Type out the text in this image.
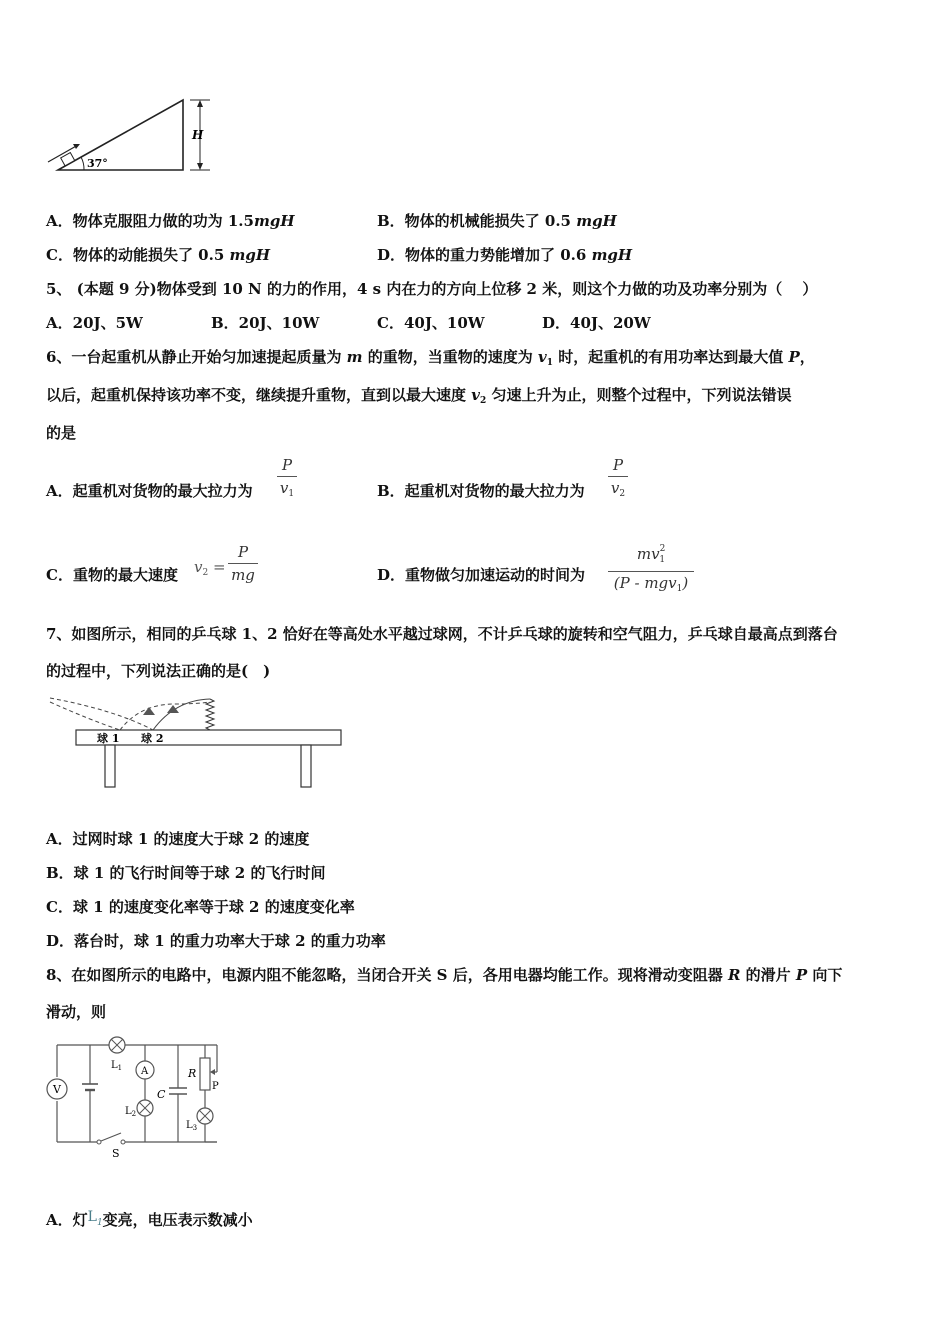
H
37°
A．物体克服阻力做的功为 1.5mgH	B．物体的机械能损失了 0.5 mgH
C．物体的动能损失了 0.5 mgH	D．物体的重力势能增加了 0.6 mgH
5、 (本题 9 分)物体受到 10 N 的力的作用，4 s 内在力的方向上位移 2 米，则这个力做的功及功率分别为（　 ）
A．20J、5W	B．20J、10W	C．40J、10W	D．40J、20W
6、一台起重机从静止开始匀加速提起质量为 m 的重物，当重物的速度为 $v_1$ 时，起重机的有用功率达到最大值 P，
以后，起重机保持该功率不变，继续提升重物，直到以最大速度 $v_2$ 匀速上升为止，则整个过程中，下列说法错误
的是
A．起重机对货物的最大拉力为
P
$v_1$	B．起重机对货物的最大拉力为
P
$v_2$
C．重物的最大速度 $v_2$ =
P
mg	D．重物做匀加速运动的时间为
$mv^2_1$
(P - mgv$_1$)
7、如图所示，相同的乒乓球 1、2 恰好在等高处水平越过球网，不计乒乓球的旋转和空气阻力，乒乓球自最高点到落台
的过程中，下列说法正确的是(　)
球 1 球 2
A．过网时球 1 的速度大于球 2 的速度
B．球 1 的飞行时间等于球 2 的飞行时间
C．球 1 的速度变化率等于球 2 的速度变化率
D．落台时，球 1 的重力功率大于球 2 的重力功率
8、在如图所示的电路中，电源内阻不能忽略，当闭合开关 S 后，各用电器均能工作。现将滑动变阻器 R 的滑片 P 向下
滑动，则
V
S
$L_1$ A
$L_2$
C
R
P
$L_3$
A．灯L1变亮，电压表示数减小
